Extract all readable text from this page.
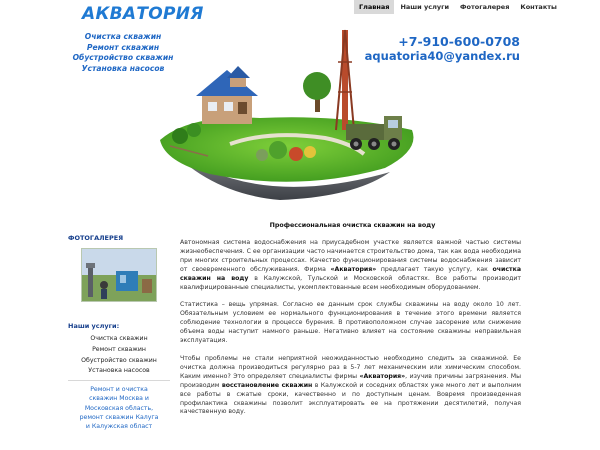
АКВАТОРИЯ
Очистка скважин
Ремонт скважин
Обустройство скважин
Установка насосов
+7-910-600-0708
aquatoria40@yandex.ru
Главная	Наши услуги	Фотогалерея	Контакты
ФОТОГАЛЕРЕЯ
Наши услуги:
Очистка скважин
Ремонт скважин
Обустройство скважин
Установка насосов
Ремонт и очистка
скважин Москва и
Московская область,
ремонт скважин Калуга
и Калужская област
Профессиональная очистка скважин на воду

Автономная система водоснабжения на приусадебном участке является важной частью системы жизнеобеспечения. С ее организации часто начинается строительство дома, так как вода необходима при многих строительных процессах. Качество функционирования системы водоснабжения зависит от своевременного обслуживания. Фирма «Акватория» предлагает такую услугу, как очистка скважин на воду в Калужской, Тульской и Московской областях. Все работы производит квалифицированные специалисты, укомплектованные всем необходимым оборудованием.

Статистика – вещь упрямая. Согласно ее данным срок службы скважины на воду около 10 лет. Обязательным условием ее нормального функционирования в течение этого времени является соблюдение технологии в процессе бурения. В противоположном случае засорение или снижение объема воды наступит намного раньше. Негативно влияет на состояние скважины неправильная эксплуатация.

Чтобы проблемы не стали неприятной неожиданностью необходимо следить за скважиной. Ее очистка должна производиться регулярно раз в 5-7 лет механическим или химическим способом. Каким именно? Это определяет специалисты фирмы «Акватория», изучив причины загрязнения. Мы производим восстановление скважин в Калужской и соседних областях уже много лет и выполним все работы в сжатые сроки, качественно и по доступным ценам. Вовремя произведенная профилактика скважины позволит эксплуатировать ее на протяжении десятилетий, получая качественную воду.
